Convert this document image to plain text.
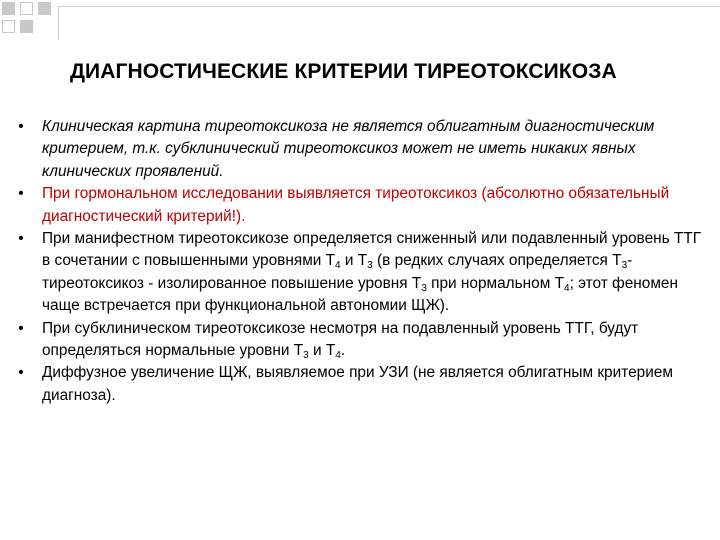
ДИАГНОСТИЧЕСКИЕ КРИТЕРИИ ТИРЕОТОКСИКОЗА
• Клиническая картина тиреотоксикоза не является облигатным диагностическим критерием, т.к. субклинический тиреотоксикоз может не иметь никаких явных клинических проявлений.
• При гормональном исследовании выявляется тиреотоксикоз (абсолютно обязательный диагностический критерий!).
• При манифестном тиреотоксикозе определяется сниженный или подавленный уровень ТТГ в сочетании с повышенными уровнями $Т_4$ и $Т_3$ (в редких случаях определяется $Т_3-$ тиреотоксикоз - изолированное повышение уровня $Т_3$ при нормальном $Т_4$; этот феномен чаще встречается при функциональной автономии ЩЖ).
• При субклиническом тиреотоксикозе несмотря на подавленный уровень ТТГ, будут определяться нормальные уровни $Т_3$ и $Т_4$.
• Диффузное увеличение ЩЖ, выявляемое при УЗИ (не является облигатным критерием диагноза).
